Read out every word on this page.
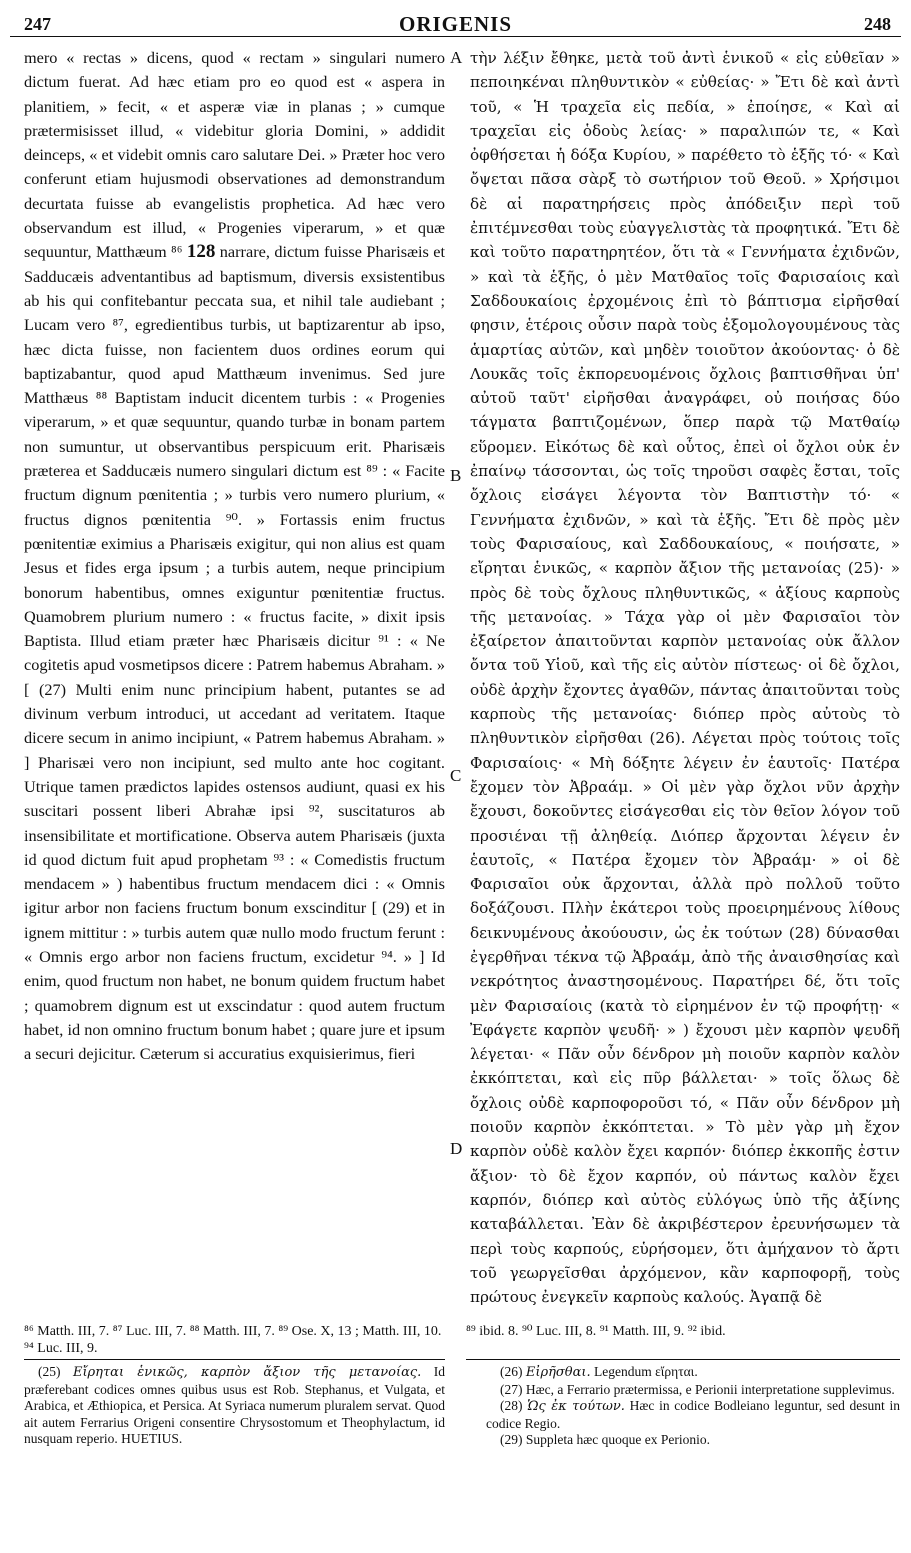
247	ORIGENIS	248

mero « rectas » dicens, quod « rectam » singulari numero dictum fuerat. Ad hæc etiam pro eo quod est « aspera in planitiem, » fecit, « et asperæ viæ in planas ; » cumque prætermisisset illud, « videbitur gloria Domini, » addidit deinceps, « et videbit omnis caro salutare Dei. » Præter hoc vero conferunt etiam hujusmodi observationes ad demonstrandum decurtata fuisse ab evangelistis prophetica. Ad hæc vero observandum est illud, « Progenies viperarum, » et quæ sequuntur, Matthæum ⁸⁶ 128 narrare, dictum fuisse Pharisæis et Sadducæis adventantibus ad baptismum, diversis exsistentibus ab his qui confitebantur peccata sua, et nihil tale audiebant ; Lucam vero ⁸⁷, egredientibus turbis, ut baptizarentur ab ipso, hæc dicta fuisse, non facientem duos ordines eorum qui baptizabantur, quod apud Matthæum invenimus. Sed jure Matthæus ⁸⁸ Baptistam inducit dicentem turbis : « Progenies viperarum, » et quæ sequuntur, quando turbæ in bonam partem non sumuntur, ut observantibus perspicuum erit. Pharisæis præterea et Sadducæis numero singulari dictum est ⁸⁹ : « Facite fructum dignum pœnitentia ; » turbis vero numero plurium, « fructus dignos pœnitentia ⁹⁰. » Fortassis enim fructus pœnitentiæ eximius a Pharisæis exigitur, qui non alius est quam Jesus et fides erga ipsum ; a turbis autem, neque principium bonorum habentibus, omnes exiguntur pœnitentiæ fructus. Quamobrem plurium numero : « fructus facite, » dixit ipsis Baptista. Illud etiam præter hæc Pharisæis dicitur ⁹¹ : « Ne cogitetis apud vosmetipsos dicere : Patrem habemus Abraham. » [ (27) Multi enim nunc principium habent, putantes se ad divinum verbum introduci, ut accedant ad veritatem. Itaque dicere secum in animo incipiunt, « Patrem habemus Abraham. » ] Pharisæi vero non incipiunt, sed multo ante hoc cogitant. Utrique tamen prædictos lapides ostensos audiunt, quasi ex his suscitari possent liberi Abrahæ ipsi ⁹², suscitaturos ab insensibilitate et mortificatione. Observa autem Pharisæis (juxta id quod dictum fuit apud prophetam ⁹³ : « Comedistis fructum mendacem » ) habentibus fructum mendacem dici : « Omnis igitur arbor non faciens fructum bonum exscinditur [ (29) et in ignem mittitur : » turbis autem quæ nullo modo fructum ferunt : « Omnis ergo arbor non faciens fructum, excidetur ⁹⁴. » ] Id enim, quod fructum non habet, ne bonum quidem fructum habet ; quamobrem dignum est ut exscindatur : quod autem fructum habet, id non omnino fructum bonum habet ; quare jure et ipsum a securi dejicitur. Cæterum si accuratius exquisierimus, fieri

A
B
C
D

τὴν λέξιν ἔθηκε, μετὰ τοῦ ἀντὶ ἑνικοῦ « εἰς εὐθεῖαν » πεποιηκέναι πληθυντικὸν « εὐθείας· » Ἔτι δὲ καὶ ἀντὶ τοῦ, « Ἡ τραχεῖα εἰς πεδία, » ἐποίησε, « Καὶ αἱ τραχεῖαι εἰς ὁδοὺς λείας· » παραλιπών τε, « Καὶ ὀφθήσεται ἡ δόξα Κυρίου, » παρέθετο τὸ ἑξῆς τό· « Καὶ ὄψεται πᾶσα σὰρξ τὸ σωτήριον τοῦ Θεοῦ. » Χρήσιμοι δὲ αἱ παρατηρήσεις πρὸς ἀπόδειξιν περὶ τοῦ ἐπιτέμνεσθαι τοὺς εὐαγγελιστὰς τὰ προφητικά. Ἔτι δὲ καὶ τοῦτο παρατηρητέον, ὅτι τὰ « Γεννήματα ἐχιδνῶν, » καὶ τὰ ἑξῆς, ὁ μὲν Ματθαῖος τοῖς Φαρισαίοις καὶ Σαδδουκαίοις ἐρχομένοις ἐπὶ τὸ βάπτισμα εἰρῆσθαί φησιν, ἑτέροις οὖσιν παρὰ τοὺς ἐξομολογουμένους τὰς ἁμαρτίας αὐτῶν, καὶ μηδὲν τοιοῦτον ἀκούοντας· ὁ δὲ Λουκᾶς τοῖς ἐκπορευομένοις ὄχλοις βαπτισθῆναι ὑπ' αὐτοῦ ταῦτ' εἰρῆσθαι ἀναγράφει, οὐ ποιήσας δύο τάγματα βαπτιζομένων, ὅπερ παρὰ τῷ Ματθαίῳ εὕρομεν. Εἰκότως δὲ καὶ οὗτος, ἐπεὶ οἱ ὄχλοι οὐκ ἐν ἐπαίνῳ τάσσονται, ὡς τοῖς τηροῦσι σαφὲς ἔσται, τοῖς ὄχλοις εἰσάγει λέγοντα τὸν Βαπτιστὴν τό· « Γεννήματα ἐχιδνῶν, » καὶ τὰ ἑξῆς. Ἔτι δὲ πρὸς μὲν τοὺς Φαρισαίους, καὶ Σαδδουκαίους, « ποιήσατε, » εἴρηται ἑνικῶς, « καρπὸν ἄξιον τῆς μετανοίας (25)· » πρὸς δὲ τοὺς ὄχλους πληθυντικῶς, « ἀξίους καρποὺς τῆς μετανοίας. » Τάχα γὰρ οἱ μὲν Φαρισαῖοι τὸν ἐξαίρετον ἀπαιτοῦνται καρπὸν μετανοίας οὐκ ἄλλον ὄντα τοῦ Υἱοῦ, καὶ τῆς εἰς αὐτὸν πίστεως· οἱ δὲ ὄχλοι, οὐδὲ ἀρχὴν ἔχοντες ἀγαθῶν, πάντας ἀπαιτοῦνται τοὺς καρποὺς τῆς μετανοίας· διόπερ πρὸς αὐτοὺς τὸ πληθυντικὸν εἰρῆσθαι (26). Λέγεται πρὸς τούτοις τοῖς Φαρισαίοις· « Μὴ δόξητε λέγειν ἐν ἑαυτοῖς· Πατέρα ἔχομεν τὸν Ἀβραάμ. » Οἱ μὲν γὰρ ὄχλοι νῦν ἀρχὴν ἔχουσι, δοκοῦντες εἰσάγεσθαι εἰς τὸν θεῖον λόγον τοῦ προσιέναι τῇ ἀληθείᾳ. Διόπερ ἄρχονται λέγειν ἐν ἑαυτοῖς, « Πατέρα ἔχομεν τὸν Ἀβραάμ· » οἱ δὲ Φαρισαῖοι οὐκ ἄρχονται, ἀλλὰ πρὸ πολλοῦ τοῦτο δοξάζουσι. Πλὴν ἑκάτεροι τοὺς προειρημένους λίθους δεικνυμένους ἀκούουσιν, ὡς ἐκ τούτων (28) δύνασθαι ἐγερθῆναι τέκνα τῷ Ἀβραάμ, ἀπὸ τῆς ἀναισθησίας καὶ νεκρότητος ἀναστησομένους. Παρατήρει δέ, ὅτι τοῖς μὲν Φαρισαίοις (κατὰ τὸ εἰρημένον ἐν τῷ προφήτῃ· « Ἐφάγετε καρπὸν ψευδῆ· » ) ἔχουσι μὲν καρπὸν ψευδῆ λέγεται· « Πᾶν οὖν δένδρον μὴ ποιοῦν καρπὸν καλὸν ἐκκόπτεται, καὶ εἰς πῦρ βάλλεται· » τοῖς ὅλως δὲ ὄχλοις οὐδὲ καρποφοροῦσι τό, « Πᾶν οὖν δένδρον μὴ ποιοῦν καρπὸν ἐκκόπτεται. » Τὸ μὲν γὰρ μὴ ἔχον καρπὸν οὐδὲ καλὸν ἔχει καρπόν· διόπερ ἐκκοπῆς ἐστιν ἄξιον· τὸ δὲ ἔχον καρπόν, οὐ πάντως καλὸν ἔχει καρπόν, διόπερ καὶ αὐτὸς εὐλόγως ὑπὸ τῆς ἀξίνης καταβάλλεται. Ἐὰν δὲ ἀκριβέστερον ἐρευνήσωμεν τὰ περὶ τοὺς καρπούς, εὑρήσομεν, ὅτι ἀμήχανον τὸ ἄρτι τοῦ γεωργεῖσθαι ἀρχόμενον, κἂν καρποφορῇ, τοὺς πρώτους ἐνεγκεῖν καρποὺς καλούς. Ἀγαπᾷ δὲ

⁸⁶ Matth. III, 7. ⁸⁷ Luc. III, 7. ⁸⁸ Matth. III, 7. ⁸⁹ Ose. X, 13 ; Matth. III, 10. ⁹⁴ Luc. III, 9.
⁸⁹ ibid. 8. ⁹⁰ Luc. III, 8. ⁹¹ Matth. III, 9. ⁹² ibid.

(25) Εἴρηται ἑνικῶς, καρπὸν ἄξιον τῆς μετανοίας. Id præferebant codices omnes quibus usus est Rob. Stephanus, et Vulgata, et Arabica, et Æthiopica, et Persica. At Syriaca numerum pluralem servat. Quod ait autem Ferrarius Origeni consentire Chrysostomum et Theophylactum, id nusquam reperio. HUETIUS.

(26) Εἰρῆσθαι. Legendum εἴρηται.

(27) Hæc, a Ferrario prætermissa, e Perionii interpretatione supplevimus.

(28) Ὡς ἐκ τούτων. Hæc in codice Bodleiano leguntur, sed desunt in codice Regio.

(29) Suppleta hæc quoque ex Perionio.
